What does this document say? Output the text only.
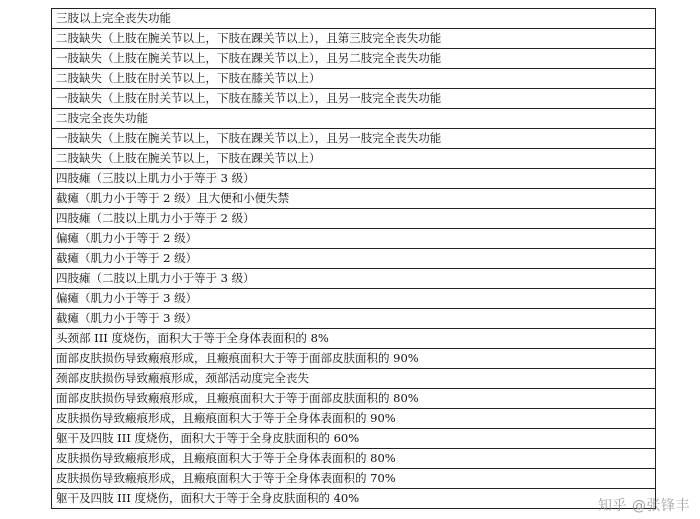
三肢以上完全丧失功能
二肢缺失（上肢在腕关节以上，下肢在踝关节以上），且第三肢完全丧失功能
一肢缺失（上肢在腕关节以上，下肢在踝关节以上），且另二肢完全丧失功能
二肢缺失（上肢在肘关节以上，下肢在膝关节以上）
一肢缺失（上肢在肘关节以上，下肢在膝关节以上），且另一肢完全丧失功能
二肢完全丧失功能
一肢缺失（上肢在腕关节以上，下肢在踝关节以上），且另一肢完全丧失功能
二肢缺失（上肢在腕关节以上，下肢在踝关节以上）
四肢瘫（三肢以上肌力小于等于 3 级）
截瘫（肌力小于等于 2 级）且大便和小便失禁
四肢瘫（二肢以上肌力小于等于 2 级）
偏瘫（肌力小于等于 2 级）
截瘫（肌力小于等于 2 级）
四肢瘫（二肢以上肌力小于等于 3 级）
偏瘫（肌力小于等于 3 级）
截瘫（肌力小于等于 3 级）
头颈部 III 度烧伤，面积大于等于全身体表面积的 8%
面部皮肤损伤导致瘢痕形成，且瘢痕面积大于等于面部皮肤面积的 90%
颈部皮肤损伤导致瘢痕形成，颈部活动度完全丧失
面部皮肤损伤导致瘢痕形成，且瘢痕面积大于等于面部皮肤面积的 80%
皮肤损伤导致瘢痕形成，且瘢痕面积大于等于全身体表面积的 90%
躯干及四肢 III 度烧伤，面积大于等于全身皮肤面积的 60%
皮肤损伤导致瘢痕形成，且瘢痕面积大于等于全身体表面积的 80%
皮肤损伤导致瘢痕形成，且瘢痕面积大于等于全身体表面积的 70%
躯干及四肢 III 度烧伤，面积大于等于全身皮肤面积的 40%	知乎 @张锋丰
